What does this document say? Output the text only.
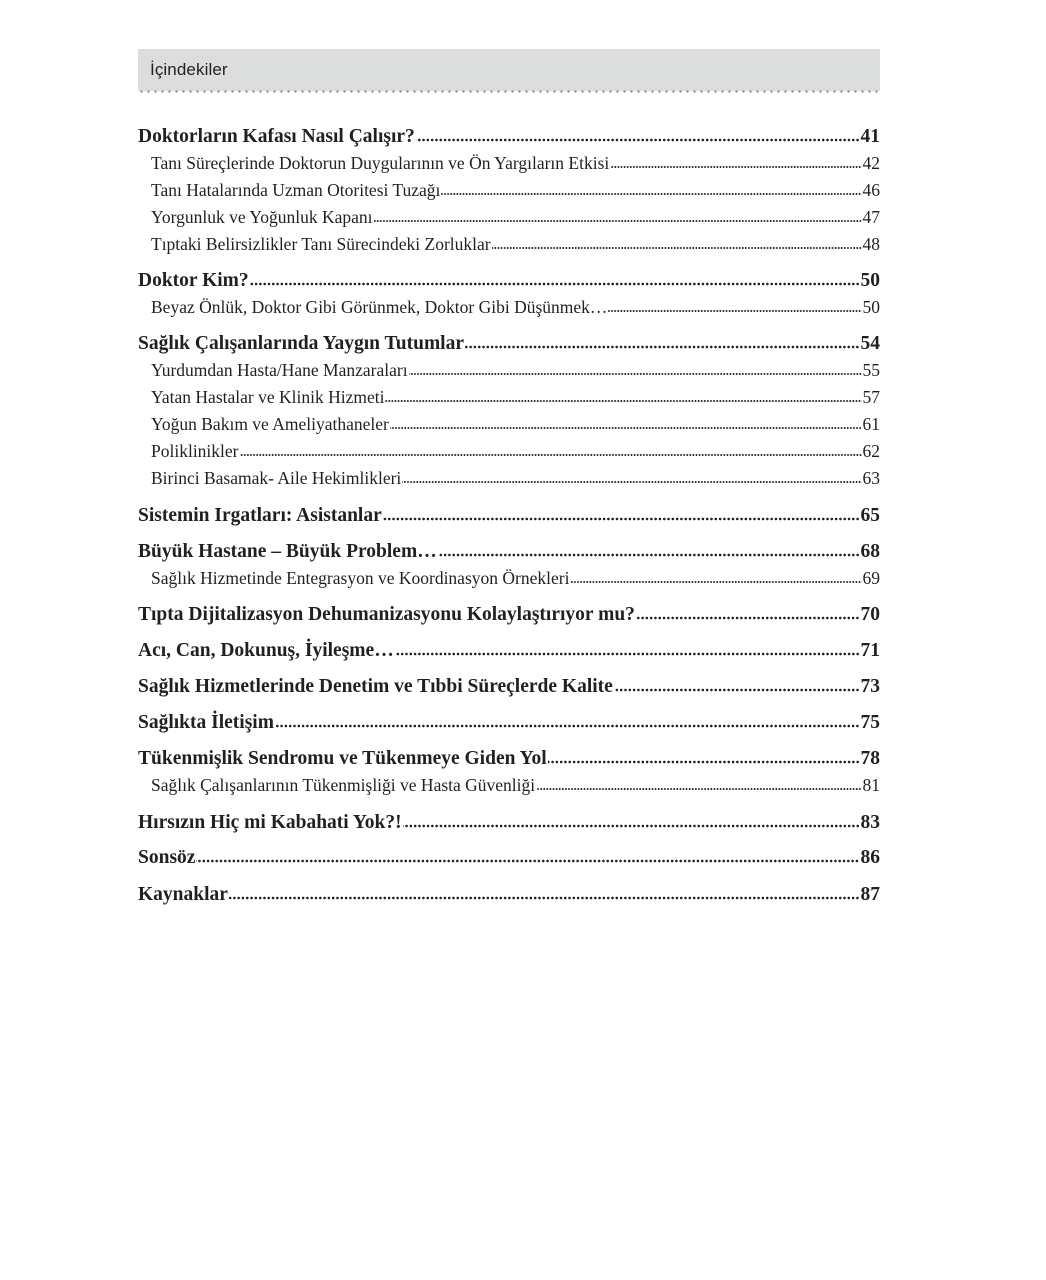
İçindekiler
Doktorların Kafası Nasıl Çalışır?	41
Tanı Süreçlerinde Doktorun Duygularının ve Ön Yargıların Etkisi	42
Tanı Hatalarında Uzman Otoritesi Tuzağı	46
Yorgunluk ve Yoğunluk Kapanı	47
Tıptaki Belirsizlikler Tanı Sürecindeki Zorluklar	48
Doktor Kim?	50
Beyaz Önlük, Doktor Gibi Görünmek, Doktor Gibi Düşünmek…	50
Sağlık Çalışanlarında Yaygın Tutumlar	54
Yurdumdan Hasta/Hane Manzaraları	55
Yatan Hastalar ve Klinik Hizmeti	57
Yoğun Bakım ve Ameliyathaneler	61
Poliklinikler	62
Birinci Basamak- Aile Hekimlikleri	63
Sistemin Irgatları: Asistanlar	65
Büyük Hastane – Büyük Problem…	68
Sağlık Hizmetinde Entegrasyon ve Koordinasyon Örnekleri	69
Tıpta Dijitalizasyon Dehumanizasyonu Kolaylaştırıyor mu?	70
Acı, Can, Dokunuş, İyileşme…	71
Sağlık Hizmetlerinde Denetim ve Tıbbi Süreçlerde Kalite	73
Sağlıkta İletişim	75
Tükenmişlik Sendromu ve Tükenmeye Giden Yol	78
Sağlık Çalışanlarının Tükenmişliği ve Hasta Güvenliği	81
Hırsızın Hiç mi Kabahati Yok?!	83
Sonsöz	86
Kaynaklar	87
